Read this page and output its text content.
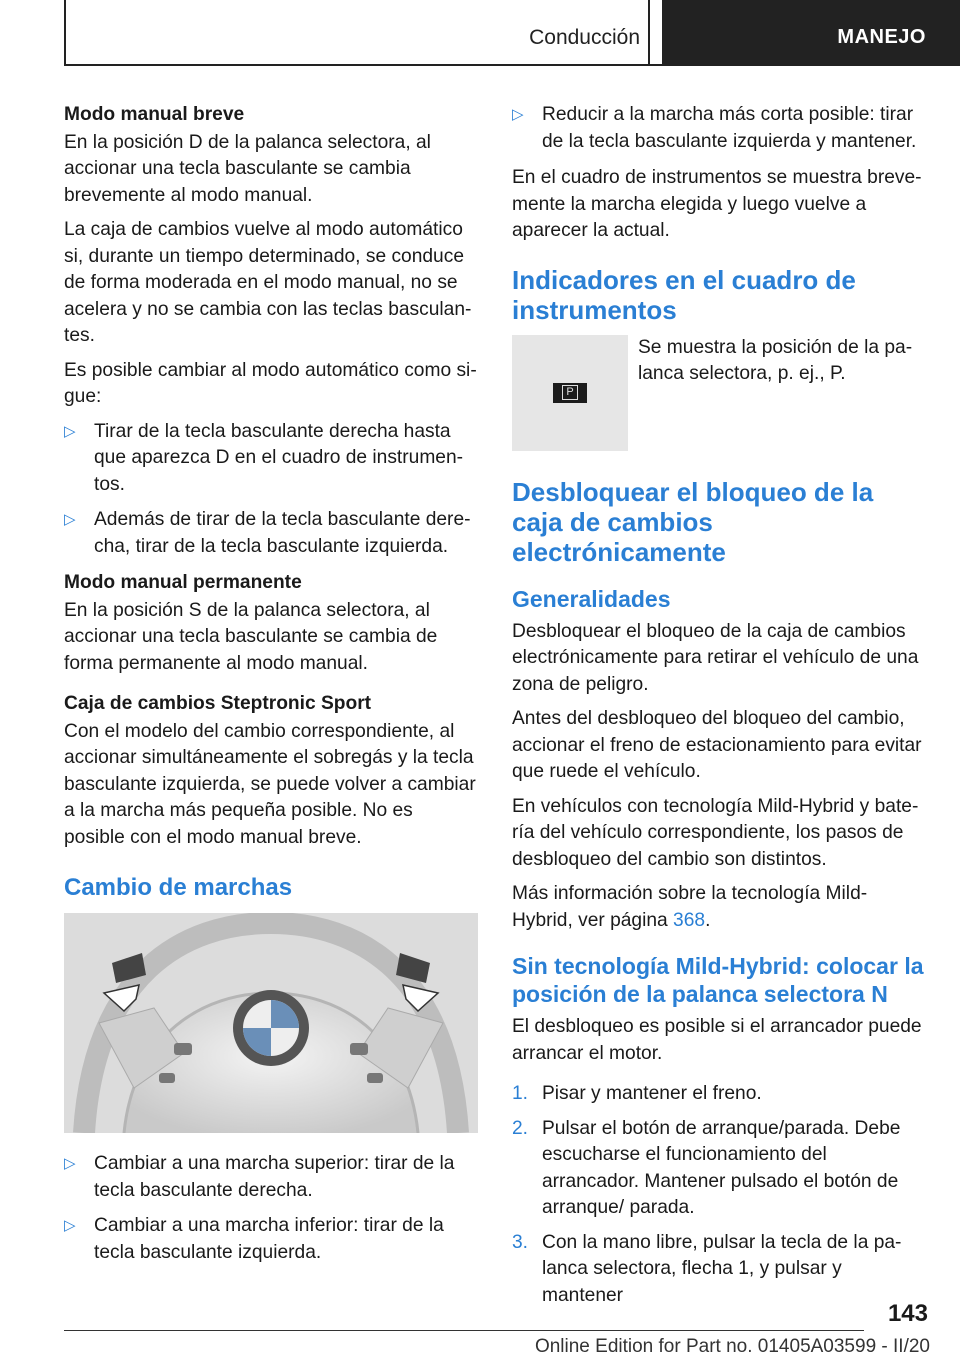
Conducción	MANEJO

Modo manual breve

En la posición D de la palanca selectora, al accionar una tecla basculante se cambia brevemente al modo manual.

La caja de cambios vuelve al modo automático si, durante un tiempo determinado, se conduce de forma moderada en el modo manual, no se acelera y no se cambia con las teclas basculantes.

Es posible cambiar al modo automático como sigue:

▷ Tirar de la tecla basculante derecha hasta que aparezca D en el cuadro de instrumentos.
▷ Además de tirar de la tecla basculante derecha, tirar de la tecla basculante izquierda.

Modo manual permanente

En la posición S de la palanca selectora, al accionar una tecla basculante se cambia de forma permanente al modo manual.

Caja de cambios Steptronic Sport

Con el modelo del cambio correspondiente, al accionar simultáneamente el sobregás y la tecla basculante izquierda, se puede volver a cambiar a la marcha más pequeña posible. No es posible con el modo manual breve.

Cambio de marchas
▷ Cambiar a una marcha superior: tirar de la tecla basculante derecha.
▷ Cambiar a una marcha inferior: tirar de la tecla basculante izquierda.
▷ Reducir a la marcha más corta posible: tirar de la tecla basculante izquierda y mantener.

En el cuadro de instrumentos se muestra brevemente la marcha elegida y luego vuelve a aparecer la actual.

Indicadores en el cuadro de instrumentos
P
Se muestra la posición de la palanca selectora, p. ej., P.
Desbloquear el bloqueo de la caja de cambios electrónicamente
Generalidades

Desbloquear el bloqueo de la caja de cambios electrónicamente para retirar el vehículo de una zona de peligro.

Antes del desbloqueo del bloqueo del cambio, accionar el freno de estacionamiento para evitar que ruede el vehículo.

En vehículos con tecnología Mild-Hybrid y batería del vehículo correspondiente, los pasos de desbloqueo del cambio son distintos.

Más información sobre la tecnología Mild-Hybrid, ver página 368.

Sin tecnología Mild-Hybrid: colocar la posición de la palanca selectora N

El desbloqueo es posible si el arrancador puede arrancar el motor.

1. Pisar y mantener el freno.
2. Pulsar el botón de arranque/parada. Debe escucharse el funcionamiento del arrancador. Mantener pulsado el botón de arranque/ parada.
3. Con la mano libre, pulsar la tecla de la palanca selectora, flecha 1, y pulsar y mantener
143
Online Edition for Part no. 01405A03599 - II/20
